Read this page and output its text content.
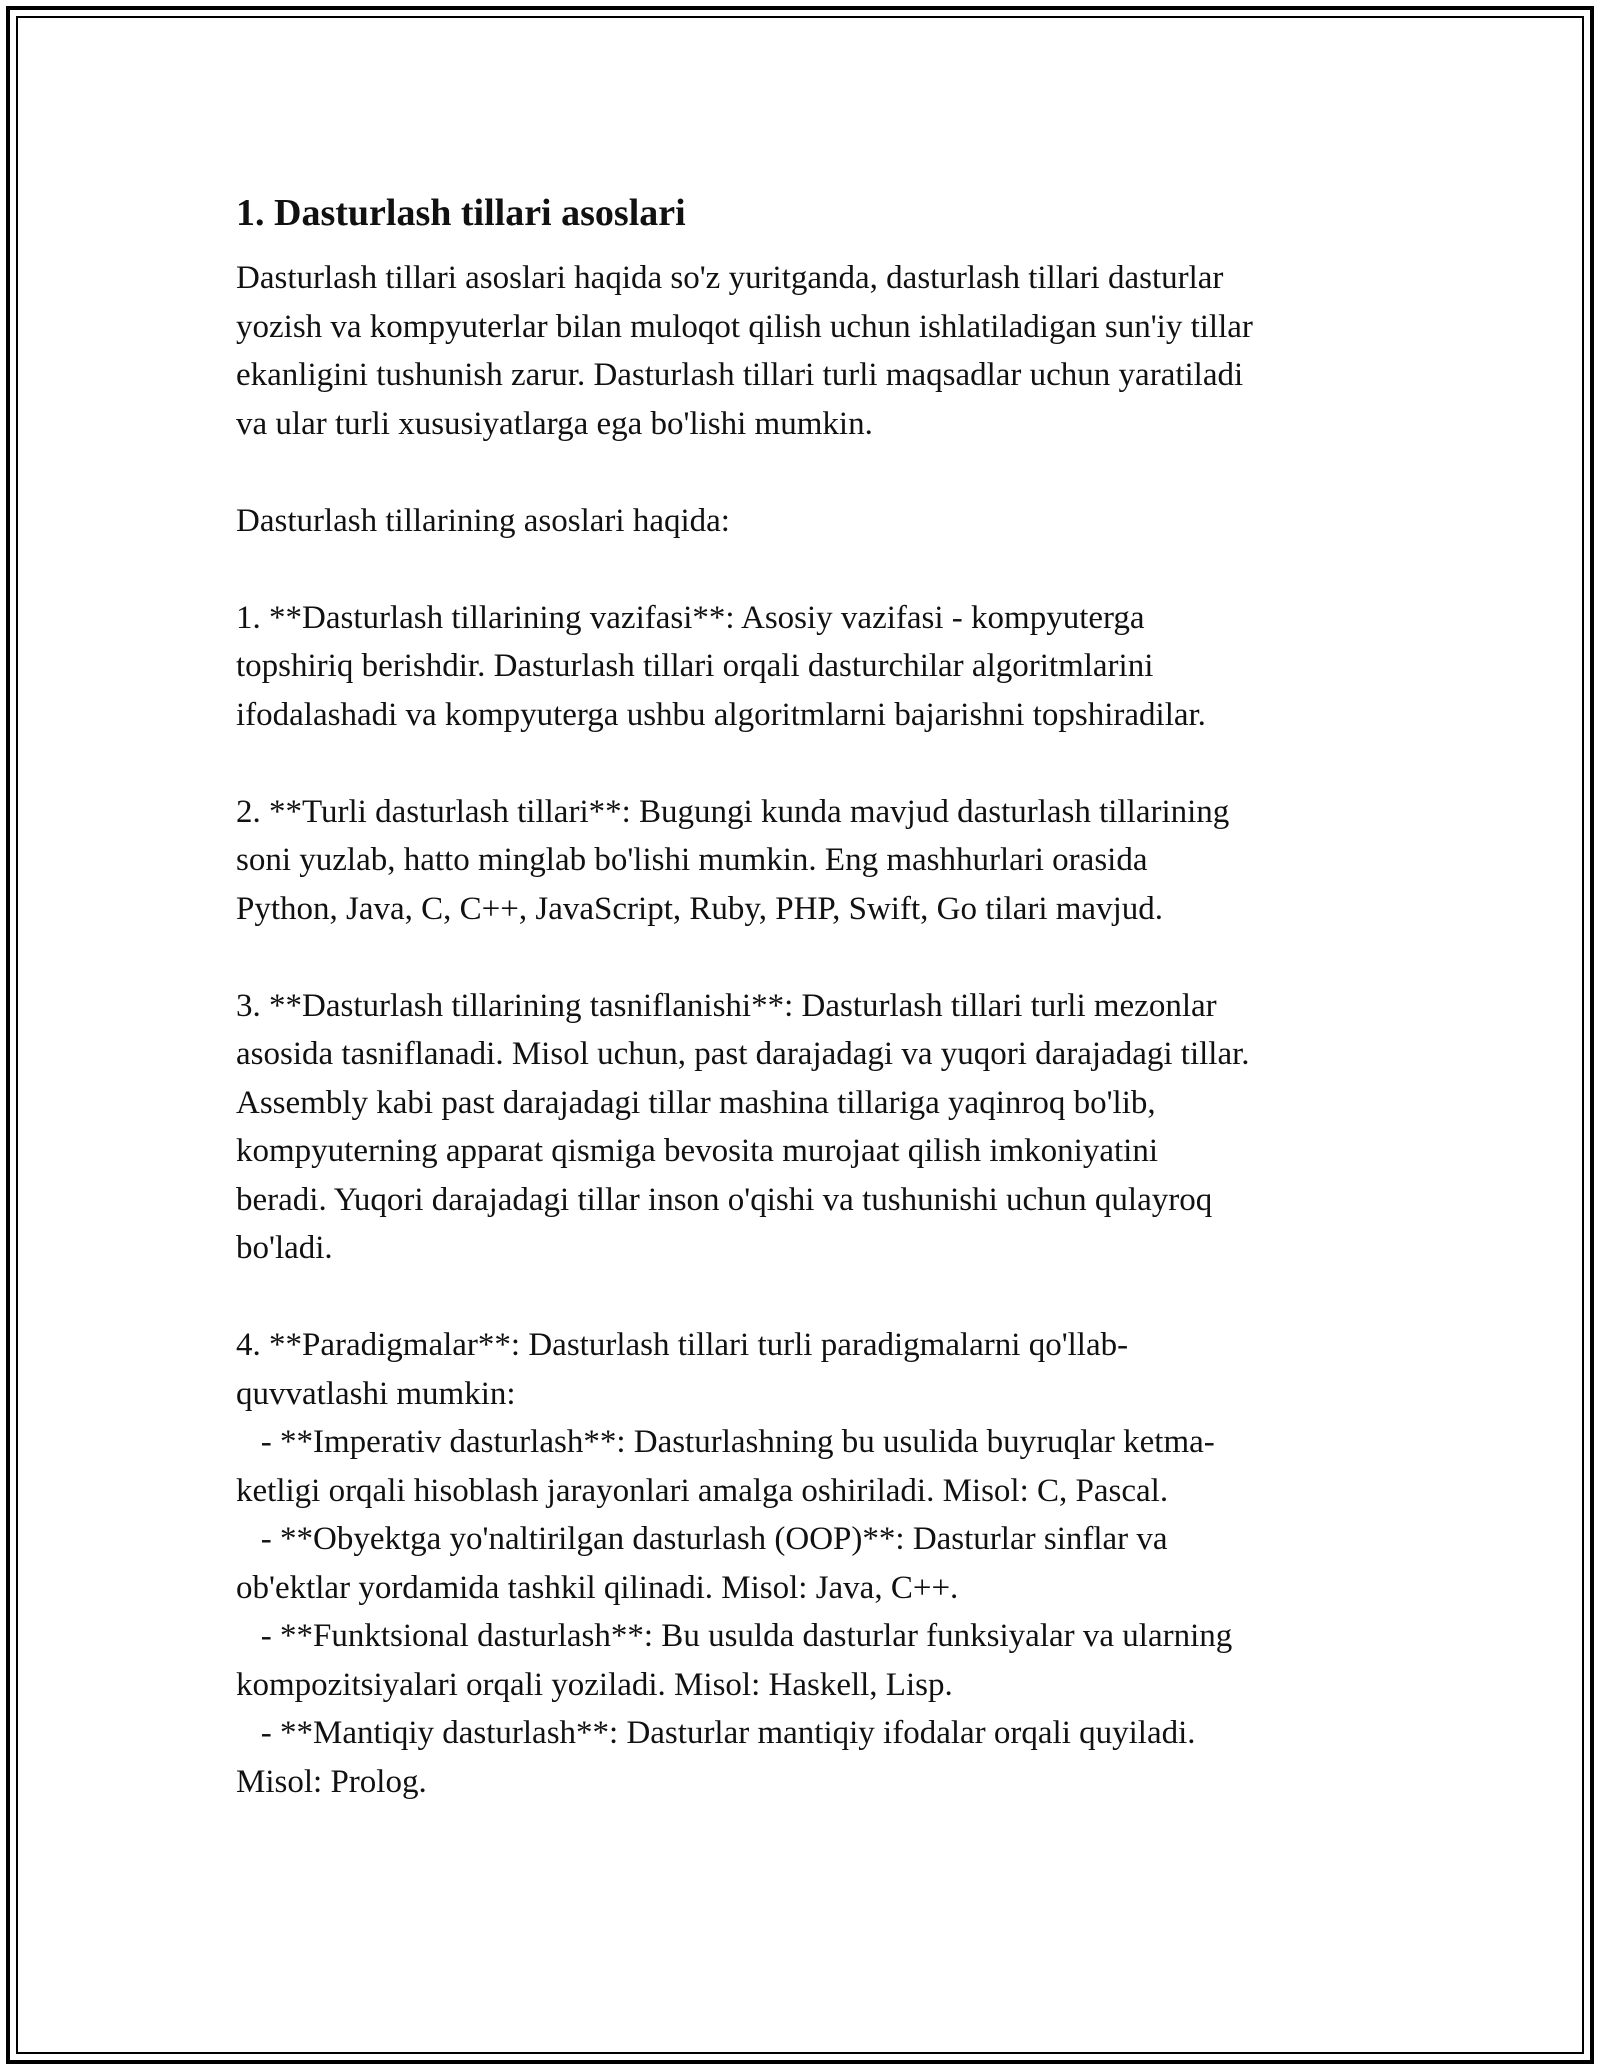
1. Dasturlash tillari asoslari

Dasturlash tillari asoslari haqida so'z yuritganda, dasturlash tillari dasturlar
yozish va kompyuterlar bilan muloqot qilish uchun ishlatiladigan sun'iy tillar
ekanligini tushunish zarur. Dasturlash tillari turli maqsadlar uchun yaratiladi
va ular turli xususiyatlarga ega bo'lishi mumkin.

Dasturlash tillarining asoslari haqida:

1. **Dasturlash tillarining vazifasi**: Asosiy vazifasi - kompyuterga
topshiriq berishdir. Dasturlash tillari orqali dasturchilar algoritmlarini
ifodalashadi va kompyuterga ushbu algoritmlarni bajarishni topshiradilar.

2. **Turli dasturlash tillari**: Bugungi kunda mavjud dasturlash tillarining
soni yuzlab, hatto minglab bo'lishi mumkin. Eng mashhurlari orasida
Python, Java, C, C++, JavaScript, Ruby, PHP, Swift, Go tilari mavjud.

3. **Dasturlash tillarining tasniflanishi**: Dasturlash tillari turli mezonlar
asosida tasniflanadi. Misol uchun, past darajadagi va yuqori darajadagi tillar.
Assembly kabi past darajadagi tillar mashina tillariga yaqinroq bo'lib,
kompyuterning apparat qismiga bevosita murojaat qilish imkoniyatini
beradi. Yuqori darajadagi tillar inson o'qishi va tushunishi uchun qulayroq
bo'ladi.

4. **Paradigmalar**: Dasturlash tillari turli paradigmalarni qo'llab-
quvvatlashi mumkin:
- **Imperativ dasturlash**: Dasturlashning bu usulida buyruqlar ketma-
ketligi orqali hisoblash jarayonlari amalga oshiriladi. Misol: C, Pascal.
- **Obyektga yo'naltirilgan dasturlash (OOP)**: Dasturlar sinflar va
ob'ektlar yordamida tashkil qilinadi. Misol: Java, C++.
- **Funktsional dasturlash**: Bu usulda dasturlar funksiyalar va ularning
kompozitsiyalari orqali yoziladi. Misol: Haskell, Lisp.
- **Mantiqiy dasturlash**: Dasturlar mantiqiy ifodalar orqali quyiladi.
Misol: Prolog.
